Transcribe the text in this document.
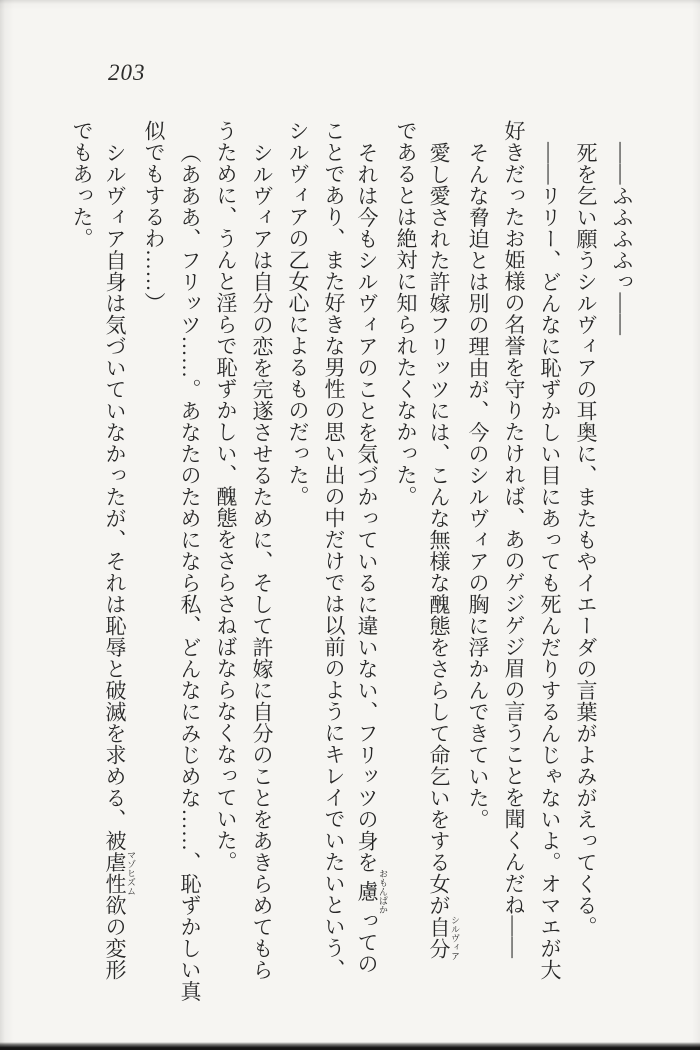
203
――ふふふふっ――
死を乞い願うシルヴィアの耳奥に、またもやイエーダの言葉がよみがえってくる。
――リリー、どんなに恥ずかしい目にあっても死んだりするんじゃないよ。オマエが大
好きだったお姫様の名誉を守りたければ、あのゲジゲジ眉の言うことを聞くんだね――
そんな脅迫とは別の理由が、今のシルヴィアの胸に浮かんできていた。
愛し愛された許嫁フリッツには、こんな無様な醜態をさらして命乞いをする女が自分 シルヴィア
であるとは絶対に知られたくなかった。
それは今もシルヴィアのことを気づかっているに違いない、フリッツの身を慮 おもんぱかっての
ことであり、また好きな男性の思い出の中だけでは以前のようにキレイでいたいという、
シルヴィアの乙女心によるものだった。
シルヴィアは自分の恋を完遂させるために、そして許嫁に自分のことをあきらめてもら
うために、うんと淫らで恥ずかしい、醜態をさらさねばならなくなっていた。
（あああ、フリッツ……。あなたのためになら私、どんなにみじめな……、恥ずかしい真
似でもするわ……）
シルヴィア自身は気づいていなかったが、それは恥辱と破滅を求める、被虐性欲 マゾヒズムの変形
でもあった。
